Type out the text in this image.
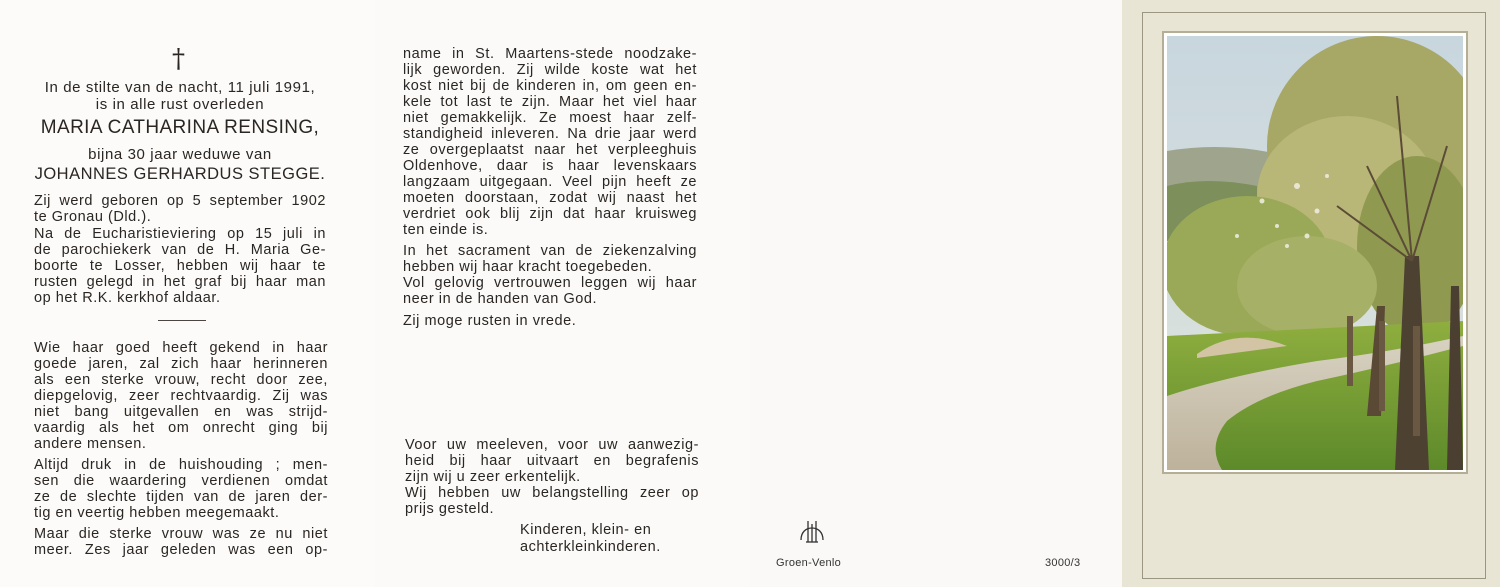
†
In de stilte van de nacht, 11 juli 1991,
is in alle rust overleden
MARIA CATHARINA RENSING,
bijna 30 jaar weduwe van
JOHANNES GERHARDUS STEGGE.
Zij werd geboren op 5 september 1902
te Gronau (Dld.).
Na de Eucharistieviering op 15 juli in
de parochiekerk van de H. Maria Ge-
boorte te Losser, hebben wij haar te
rusten gelegd in het graf bij haar man
op het R.K. kerkhof aldaar.
Wie haar goed heeft gekend in haar
goede jaren, zal zich haar herinneren
als een sterke vrouw, recht door zee,
diepgelovig, zeer rechtvaardig. Zij was
niet bang uitgevallen en was strijd-
vaardig als het om onrecht ging bij
andere mensen.
Altijd druk in de huishouding ; men-
sen die waardering verdienen omdat
ze de slechte tijden van de jaren der-
tig en veertig hebben meegemaakt.
Maar die sterke vrouw was ze nu niet
meer. Zes jaar geleden was een op-
name in St. Maartens-stede noodzake-
lijk geworden. Zij wilde koste wat het
kost niet bij de kinderen in, om geen en-
kele tot last te zijn. Maar het viel haar
niet gemakkelijk. Ze moest haar zelf-
standigheid inleveren. Na drie jaar werd
ze overgeplaatst naar het verpleeghuis
Oldenhove, daar is haar levenskaars
langzaam uitgegaan. Veel pijn heeft ze
moeten doorstaan, zodat wij naast het
verdriet ook blij zijn dat haar kruisweg
ten einde is.
In het sacrament van de ziekenzalving
hebben wij haar kracht toegebeden.
Vol gelovig vertrouwen leggen wij haar
neer in de handen van God.
Zij moge rusten in vrede.
Voor uw meeleven, voor uw aanwezig-
heid bij haar uitvaart en begrafenis
zijn wij u zeer erkentelijk.
Wij hebben uw belangstelling zeer op
prijs gesteld.
Kinderen, klein- en
achterkleinkinderen.
Groen-Venlo	3000/3
